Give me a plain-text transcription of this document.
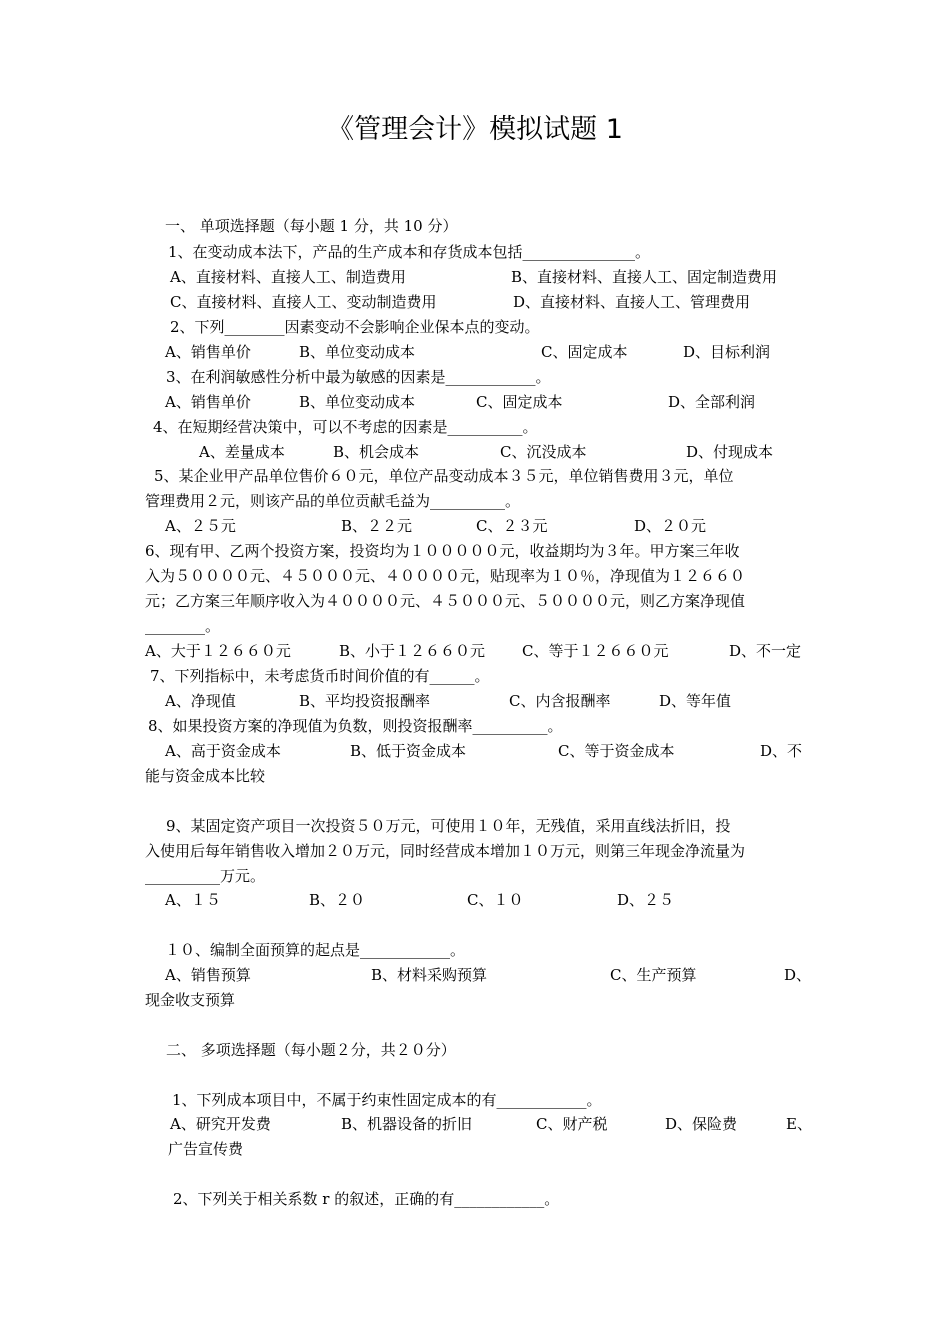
《管理会计》模拟试题 1
一、 单项选择题（每小题 1 分，共 10 分）
1、在变动成本法下，产品的生产成本和存货成本包括_______________。
A、直接材料、直接人工、制造费用	B、直接材料、直接人工、固定制造费用
C、直接材料、直接人工、变动制造费用	D、直接材料、直接人工、管理费用
2、下列________因素变动不会影响企业保本点的变动。
A、销售单价	B、单位变动成本	C、固定成本	D、目标利润
3、在利润敏感性分析中最为敏感的因素是____________。
A、销售单价	B、单位变动成本	C、固定成本	D、全部利润
4、在短期经营决策中，可以不考虑的因素是__________。
A、差量成本	B、机会成本	C、沉没成本	D、付现成本
5、某企业甲产品单位售价６０元，单位产品变动成本３５元，单位销售费用３元，单位
管理费用２元，则该产品的单位贡献毛益为__________。
A、２５元	B、２２元	C、２３元	D、２０元
6、现有甲、乙两个投资方案，投资均为１０００００元，收益期均为３年。甲方案三年收
入为５００００元、４５０００元、４００００元，贴现率为１０％，净现值为１２６６０
元；乙方案三年顺序收入为４００００元、４５０００元、５００００元，则乙方案净现值
________。
A、大于１２６６０元	B、小于１２６６０元 C、等于１２６６０元	D、不一定
7、下列指标中，未考虑货币时间价值的有______。
A、净现值	B、平均投资报酬率	C、内含报酬率	D、等年值
8、如果投资方案的净现值为负数，则投资报酬率__________。
A、高于资金成本	B、低于资金成本	C、等于资金成本	D、不
能与资金成本比较
9、某固定资产项目一次投资５０万元，可使用１０年，无残值，采用直线法折旧，投
入使用后每年销售收入增加２０万元，同时经营成本增加１０万元，则第三年现金净流量为
__________万元。
A、１５	B、２０	C、１０	D、２５
１０、编制全面预算的起点是____________。
A、销售预算	B、材料采购预算	C、生产预算	D、
现金收支预算
二、 多项选择题（每小题２分，共２０分）
1、下列成本项目中，不属于约束性固定成本的有____________。
A、研究开发费	B、机器设备的折旧	C、财产税	D、保险费	E、
广告宣传费
2、下列关于相关系数 r 的叙述，正确的有____________。
